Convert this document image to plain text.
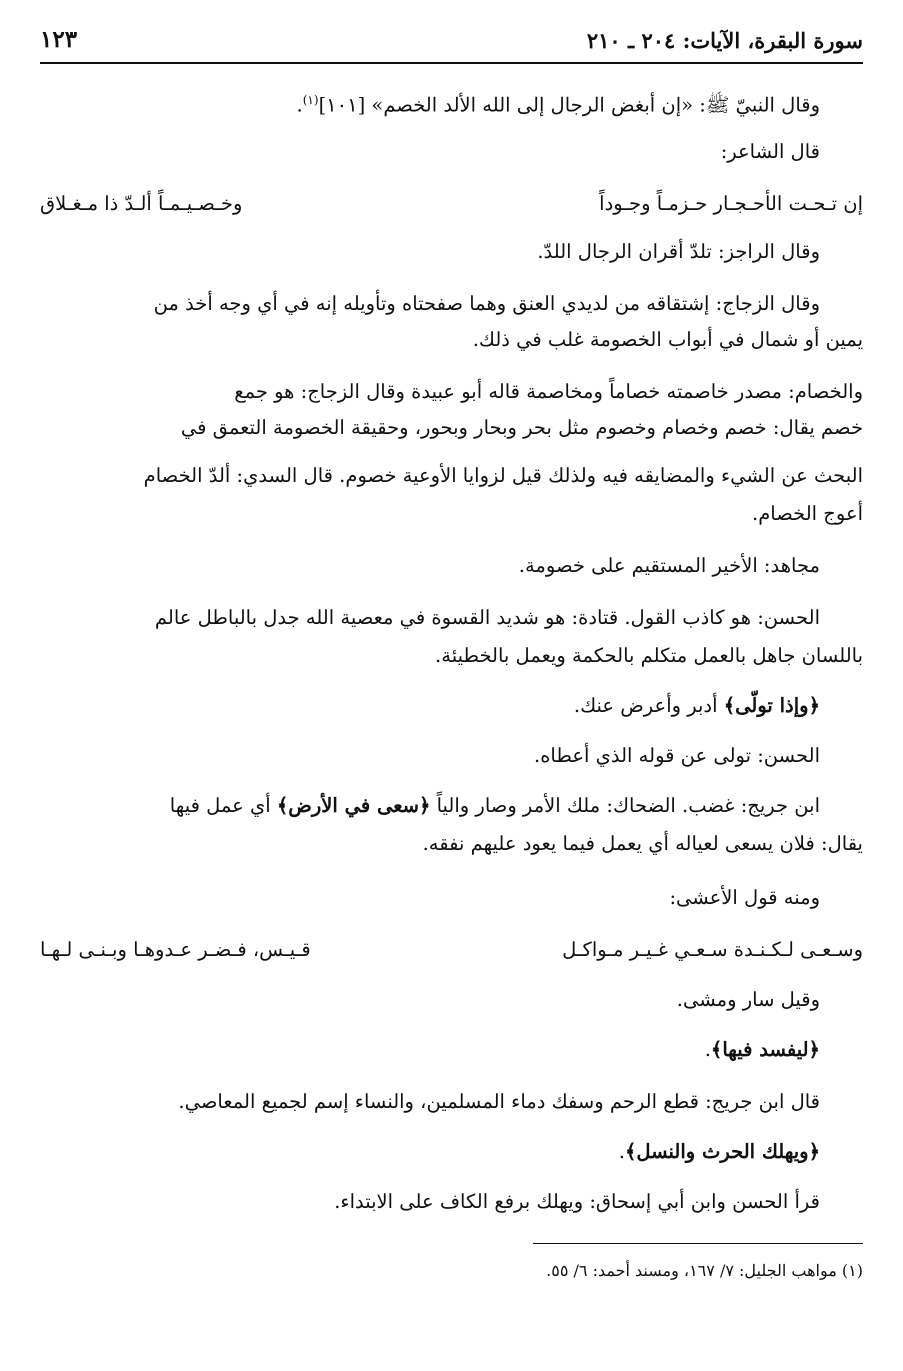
سورة البقرة، الآيات: ٢٠٤ ـ ٢١٠
١٢٣
وقال النبيّ ﷺ: «إن أبغض الرجال إلى الله الألد الخصم» [١٠١]$^{(١)}$.
قال الشاعر:
إن تـحـت الأحـجـار حـزمـاً وجـوداً
وخـصـيـمـاً ألـدّ ذا مـغـلاق
وقال الراجز: تلدّ أقران الرجال اللدّ.
وقال الزجاج: إشتقاقه من لديدي العنق وهما صفحتاه وتأويله إنه في أي وجه أخذ من
يمين أو شمال في أبواب الخصومة غلب في ذلك.
والخصام: مصدر خاصمته خصاماً ومخاصمة قاله أبو عبيدة وقال الزجاج: هو جمع
خصم يقال: خصم وخصام وخصوم مثل بحر وبحار وبحور، وحقيقة الخصومة التعمق في
البحث عن الشيء والمضايقه فيه ولذلك قيل لزوايا الأوعية خصوم. قال السدي: ألدّ الخصام
أعوج الخصام.
مجاهد: الأخير المستقيم على خصومة.
الحسن: هو كاذب القول. قتادة: هو شديد القسوة في معصية الله جدل بالباطل عالم
باللسان جاهل بالعمل متكلم بالحكمة ويعمل بالخطيئة.
﴿وإذا تولّى﴾ أدبر وأعرض عنك.
الحسن: تولى عن قوله الذي أعطاه.
ابن جريج: غضب. الضحاك: ملك الأمر وصار والياً ﴿سعى في الأرض﴾ أي عمل فيها
يقال: فلان يسعى لعياله أي يعمل فيما يعود عليهم نفقه.
ومنه قول الأعشى:
وسـعـى لـكـنـدة سـعـي غـيـر مـواكـل
قـيـس، فـضـر عـدوهـا وبـنـى لـهـا
وقيل سار ومشى.
﴿ليفسد فيها﴾.
قال ابن جريج: قطع الرحم وسفك دماء المسلمين، والنساء إسم لجميع المعاصي.
﴿ويهلك الحرث والنسل﴾.
قرأ الحسن وابن أبي إسحاق: ويهلك برفع الكاف على الابتداء.
(١) مواهب الجليل: ٧/ ١٦٧، ومسند أحمد: ٦/ ٥٥.
